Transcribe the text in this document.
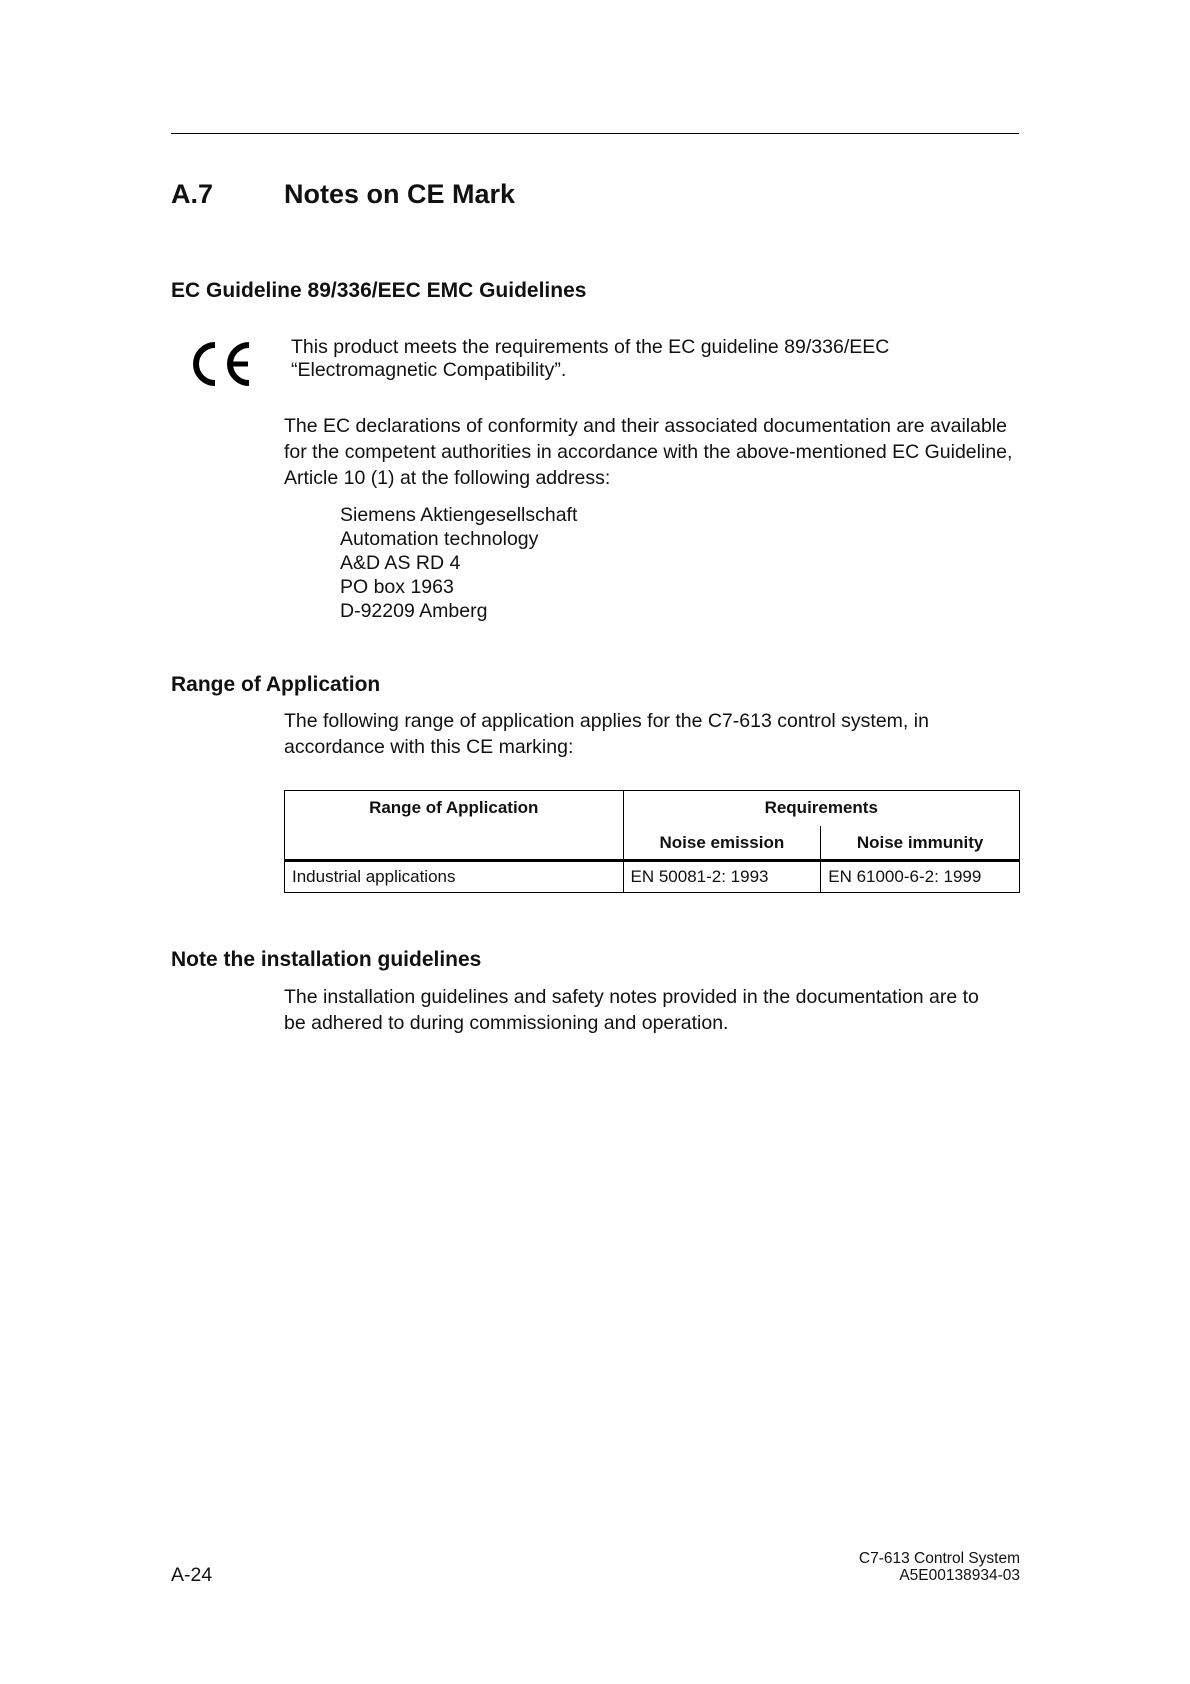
A.7	Notes on CE Mark
EC Guideline 89/336/EEC EMC Guidelines
This product meets the requirements of the EC guideline 89/336/EEC
“Electromagnetic Compatibility”.
The EC declarations of conformity and their associated documentation are available
for the competent authorities in accordance with the above-mentioned EC Guideline,
Article 10 (1) at the following address:
Siemens Aktiengesellschaft
Automation technology
A&D AS RD 4
PO box 1963
D-92209 Amberg
Range of Application
The following range of application applies for the C7-613 control system, in
accordance with this CE marking:
Range of Application	Requirements	
	Noise emission	Noise immunity
Industrial applications	EN 50081-2: 1993	EN 61000-6-2: 1999
Note the installation guidelines
The installation guidelines and safety notes provided in the documentation are to
be adhered to during commissioning and operation.
A-24
C7-613 Control System
A5E00138934-03
